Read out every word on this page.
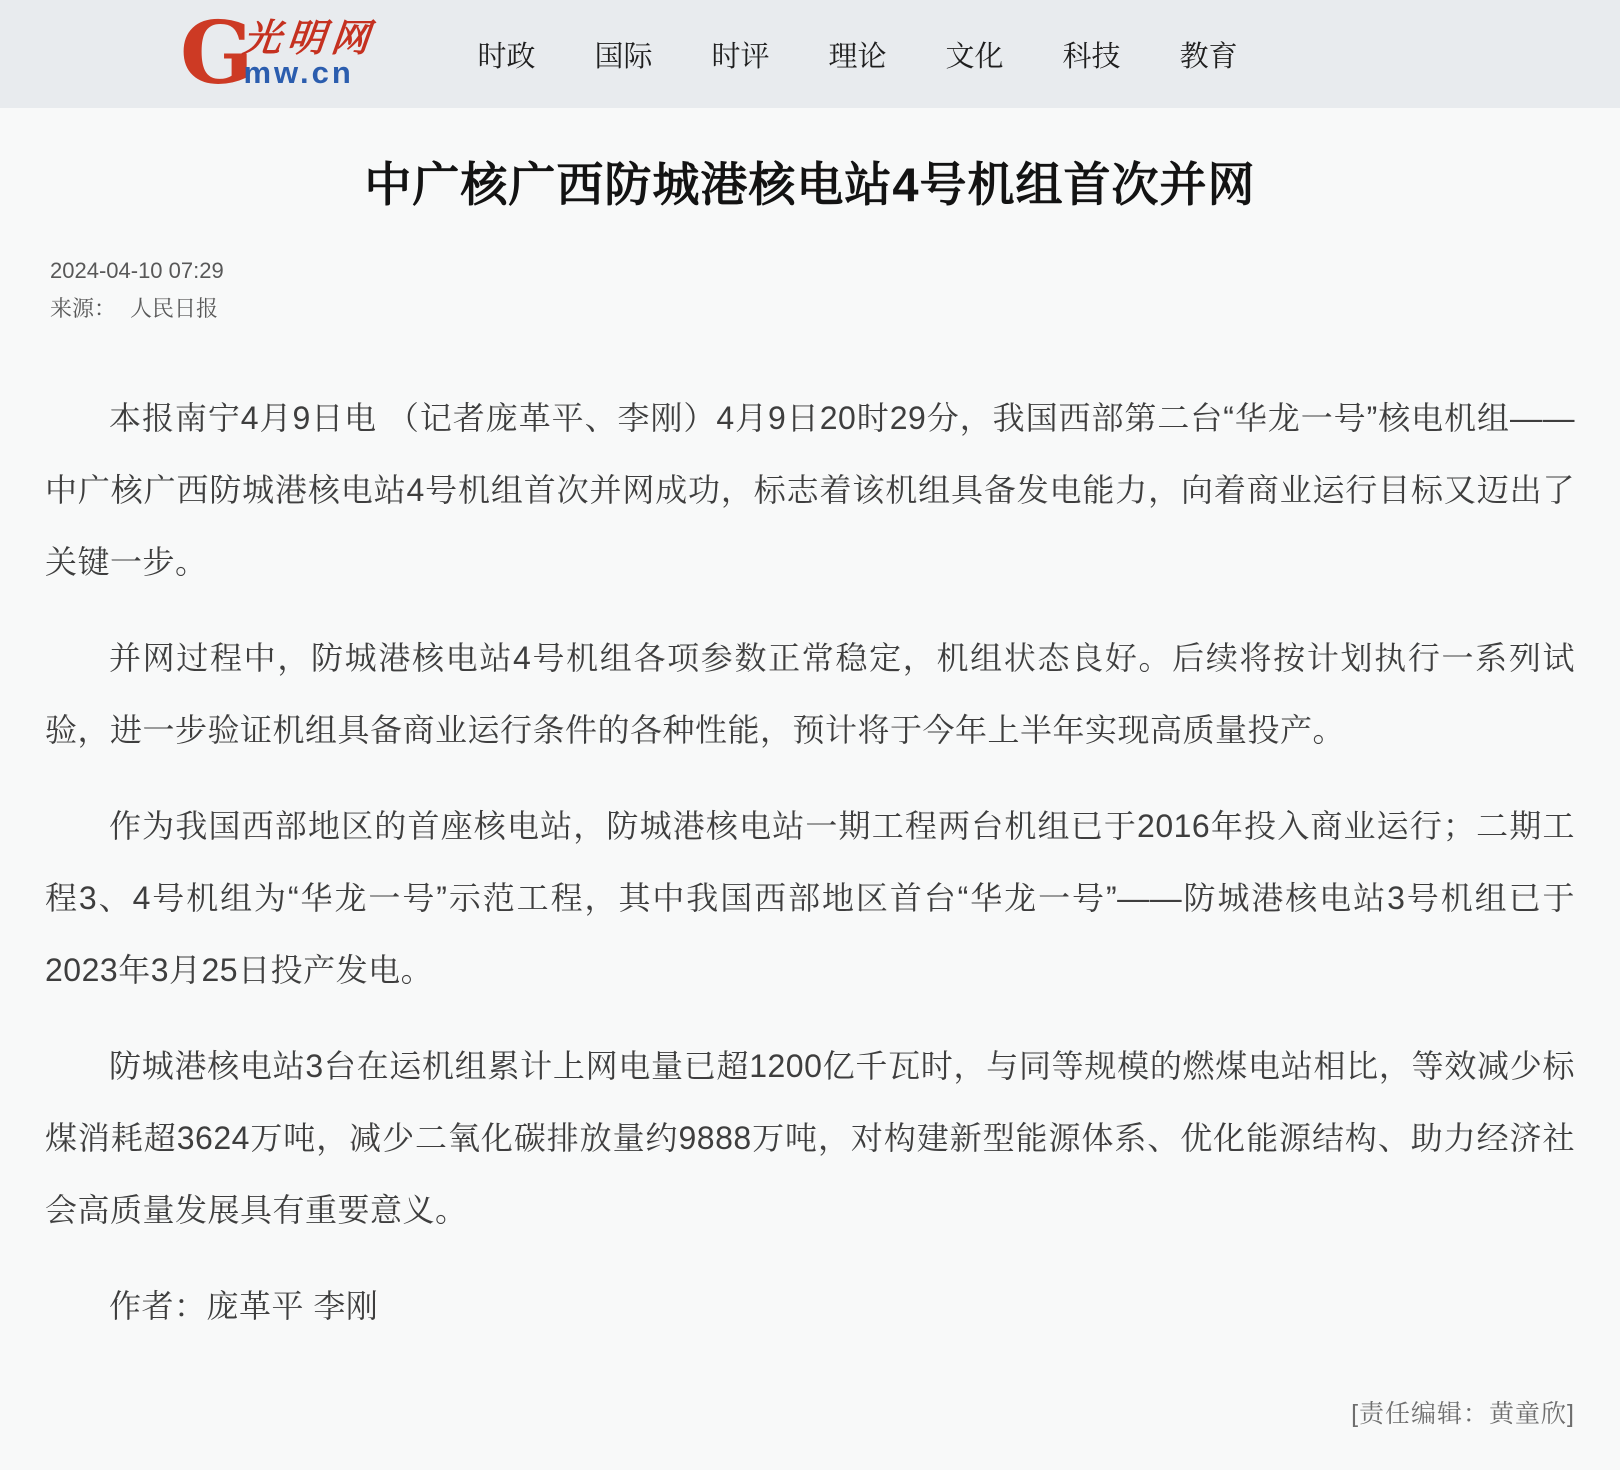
G
光明网
mw.cn	时政 国际 时评 理论 文化 科技 教育
中广核广西防城港核电站4号机组首次并网
2024-04-10 07:29
来源： 人民日报

本报南宁4月9日电 （记者庞革平、李刚）4月9日20时29分，我国西部第二台“华龙一号”核电机组——中广核广西防城港核电站4号机组首次并网成功，标志着该机组具备发电能力，向着商业运行目标又迈出了关键一步。

并网过程中，防城港核电站4号机组各项参数正常稳定，机组状态良好。后续将按计划执行一系列试验，进一步验证机组具备商业运行条件的各种性能，预计将于今年上半年实现高质量投产。

作为我国西部地区的首座核电站，防城港核电站一期工程两台机组已于2016年投入商业运行；二期工程3、4号机组为“华龙一号”示范工程，其中我国西部地区首台“华龙一号”——防城港核电站3号机组已于2023年3月25日投产发电。

防城港核电站3台在运机组累计上网电量已超1200亿千瓦时，与同等规模的燃煤电站相比，等效减少标煤消耗超3624万吨，减少二氧化碳排放量约9888万吨，对构建新型能源体系、优化能源结构、助力经济社会高质量发展具有重要意义。

作者：庞革平 李刚

[责任编辑：黄童欣]
